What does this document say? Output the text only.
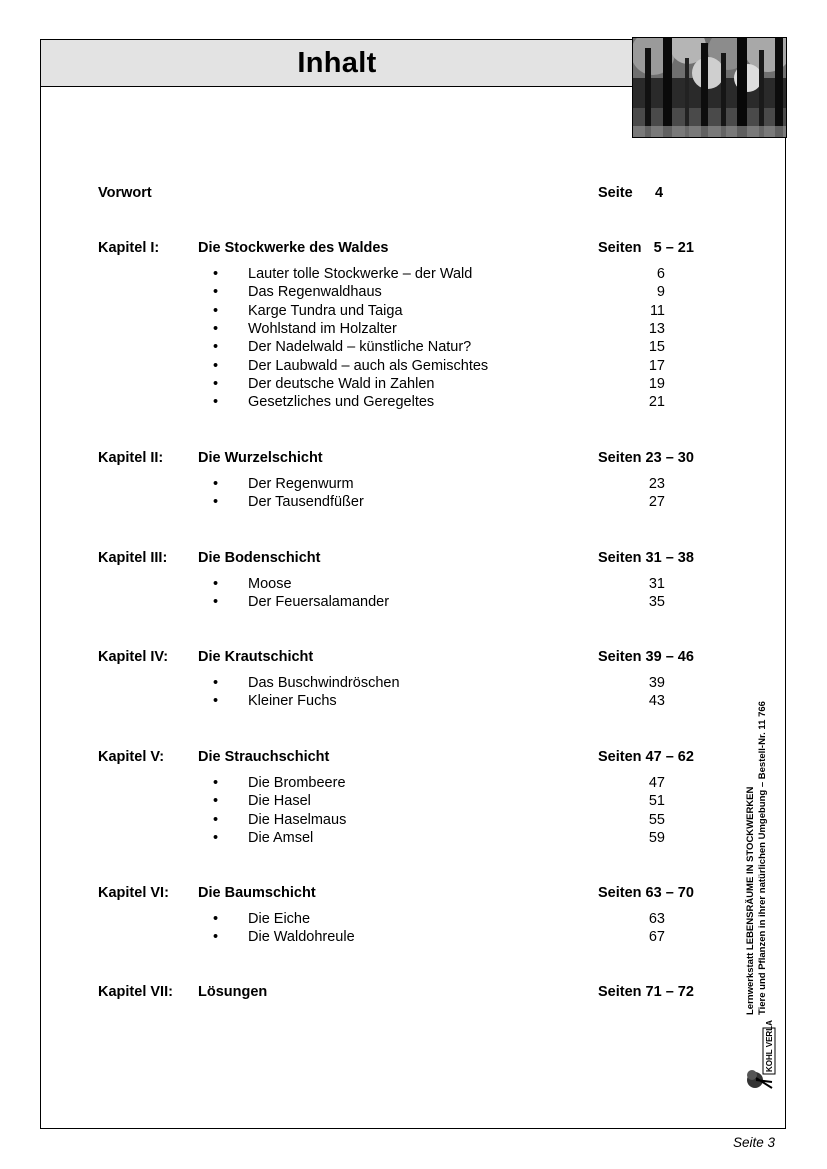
Inhalt
Vorwort	Seite 4
Kapitel I:	Die Stockwerke des Waldes	Seiten   5 – 21
• Lauter tolle Stockwerke – der Wald	6
• Das Regenwaldhaus	9
• Karge Tundra und Taiga	11
• Wohlstand im Holzalter	13
• Der Nadelwald – künstliche Natur?	15
• Der Laubwald – auch als Gemischtes	17
• Der deutsche Wald in Zahlen	19
• Gesetzliches und Geregeltes	21
Kapitel II: Die Wurzelschicht	Seiten 23 – 30
• Der Regenwurm	23
• Der Tausendfüßer	27
Kapitel III: Die Bodenschicht	Seiten 31 – 38
• Moose	31
• Der Feuersalamander	35
Kapitel IV: Die Krautschicht	Seiten 39 – 46
• Das Buschwindröschen	39
• Kleiner Fuchs	43
Kapitel V: Die Strauchschicht	Seiten 47 – 62
• Die Brombeere	47
• Die Hasel	51
• Die Haselmaus	55
• Die Amsel	59
Kapitel VI: Die Baumschicht	Seiten 63 – 70
• Die Eiche	63
• Die Waldohreule	67
Kapitel VII: Lösungen	Seiten 71 – 72	Lernwerkstatt LEBENSRÄUME IN STOCKWERKEN Tiere und Pflanzen in ihrer natürlichen Umgebung – Bestell-Nr. 11 766
KOHL VERLAG
Seite 3
